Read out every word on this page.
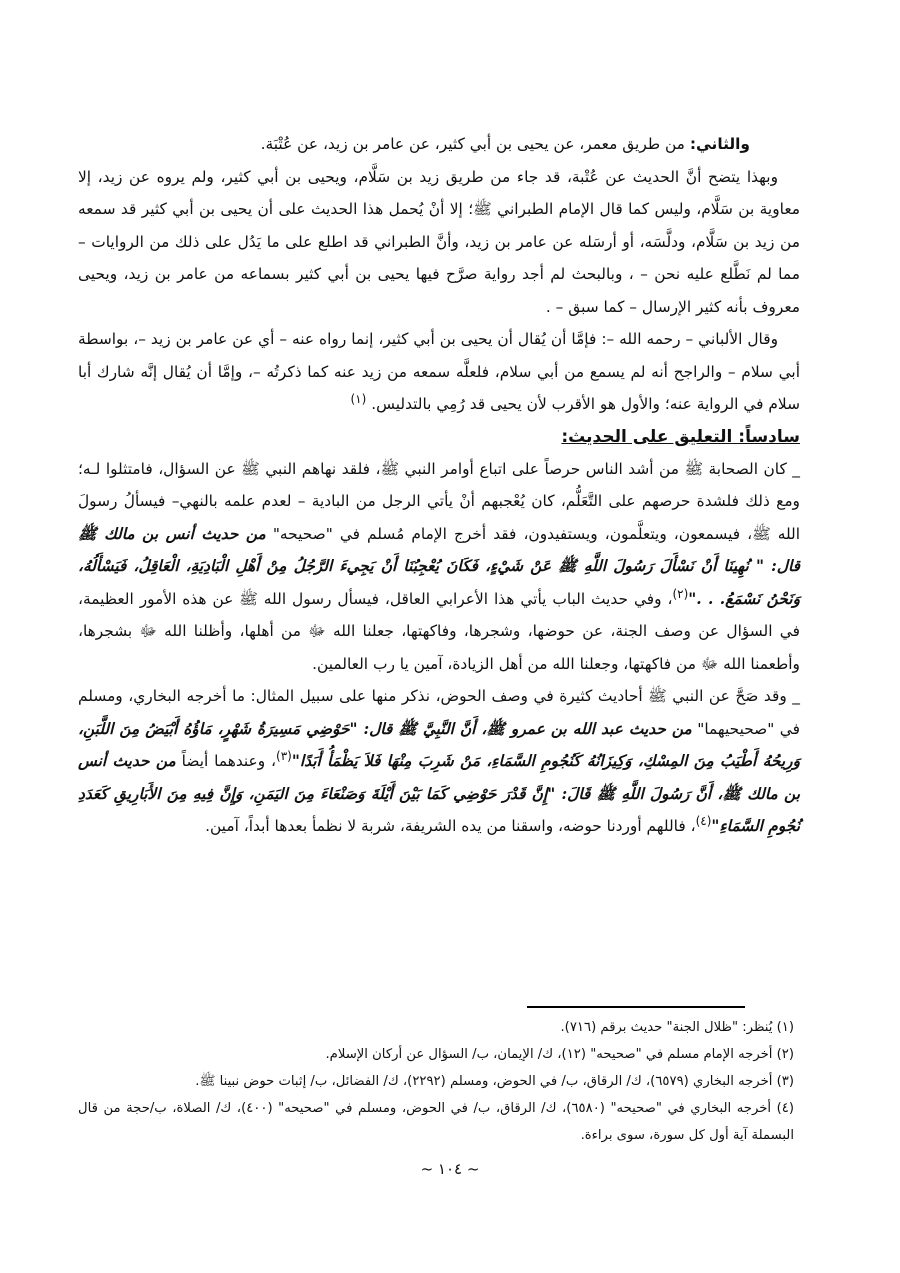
والثاني: من طريق معمر، عن يحيى بن أبي كثير، عن عامر بن زيد، عن عُتْبَة.

وبهذا يتضح أنَّ الحديث عن عُتْبة، قد جاء من طريق زيد بن سَلَّام، ويحيى بن أبي كثير، ولم يروه عن زيد، إلا معاوية بن سَلَّام، وليس كما قال الإمام الطبراني ﷺ؛ إلا أنْ يُحمل هذا الحديث على أن يحيى بن أبي كثير قد سمعه من زيد بن سَلَّام، ودلَّسَه، أو أرسَله عن عامر بن زيد، وأنَّ الطبراني قد اطلع على ما يَدُل على ذلك من الروايات – مما لم نَطَّلع عليه نحن – ، وبالبحث لم أجد رواية صرَّح فيها يحيى بن أبي كثير بسماعه من عامر بن زيد، ويحيى معروف بأنه كثير الإرسال – كما سبق – .

وقال الألباني – رحمه الله –: فإمَّا أن يُقال أن يحيى بن أبي كثير، إنما رواه عنه – أي عن عامر بن زيد –، بواسطة أبي سلام – والراجح أنه لم يسمع من أبي سلام، فلعلَّه سمعه من زيد عنه كما ذكرتُه –، وإمَّا أن يُقال إنَّه شارك أبا سلام في الرواية عنه؛ والأول هو الأقرب لأن يحيى قد رُمِي بالتدليس. $^{(١)}$

سادساً: التعليق على الحديث:

_ كان الصحابة ﷺ من أشد الناس حرصاً على اتباع أوامر النبي ﷺ، فلقد نهاهم النبي ﷺ عن السؤال، فامتثلوا لـه؛ ومع ذلك فلشدة حرصهم على التَّعَلُّم، كان يُعْجبهم أنْ يأتي الرجل من البادية – لعدم علمه بالنهي– فيسألُ رسولَ الله ﷺ، فيسمعون، ويتعلَّمون، ويستفيدون، فقد أخرج الإمام مُسلم في "صحيحه" من حديث أنس بن مالك ﷺ قال: " نُهِينَا أَنْ نَسْأَلَ رَسُولَ اللَّهِ ﷺ عَنْ شَيْءٍ، فَكَانَ يُعْجِبُنَا أَنْ يَجِيءَ الرَّجُلُ مِنْ أَهْلِ الْبَادِيَةِ، الْعَاقِلُ، فَيَسْأَلُهُ، وَنَحْنُ نَسْمَعُ. . ."$^{(٢)}$، وفي حديث الباب يأتي هذا الأعرابي العاقل، فيسأل رسول الله ﷺ عن هذه الأمور العظيمة، في السؤال عن وصف الجنة، عن حوضها، وشجرها، وفاكهتها، جعلنا الله ﷻ من أهلها، وأظلنا الله ﷻ بشجرها، وأطعمنا الله ﷻ من فاكهتها، وجعلنا الله من أهل الزيادة، آمين يا رب العالمين.

_ وقد صَحَّ عن النبي ﷺ أحاديث كثيرة في وصف الحوض، نذكر منها على سبيل المثال: ما أخرجه البخاري، ومسلم في "صحيحيهما" من حديث عبد الله بن عمرو ﷺ، أَنَّ النَّبِيَّ ﷺ قال: "حَوْضِي مَسِيرَةُ شَهْرٍ، مَاؤُهُ أَبْيَضُ مِنَ اللَّبَنِ، وَرِيحُهُ أَطْيَبُ مِنَ المِسْكِ، وَكِيزَانُهُ كَنُجُومِ السَّمَاءِ، مَنْ شَرِبَ مِنْهَا فَلاَ يَظْمَأُ أَبَدًا"$^{(٣)}$، وعندهما أيضاً من حديث أنس بن مالك ﷺ، أَنَّ رَسُولَ اللَّهِ ﷺ قَالَ: "إِنَّ قَدْرَ حَوْضِي كَمَا بَيْنَ أَيْلَةَ وَصَنْعَاءَ مِنَ اليَمَنِ، وَإِنَّ فِيهِ مِنَ الأَبَارِيقِ كَعَدَدِ نُجُومِ السَّمَاءِ"$^{(٤)}$، فاللهم أوردنا حوضه، واسقنا من يده الشريفة، شربة لا نظمأ بعدها أبداً، آمين.

(١) يُنظر: "ظلال الجنة" حديث برقم (٧١٦).

(٢) أخرجه الإمام مسلم في "صحيحه" (١٢)، ك/ الإيمان، ب/ السؤال عن أركان الإسلام.

(٣) أخرجه البخاري (٦٥٧٩)، ك/ الرقاق، ب/ في الحوض، ومسلم (٢٢٩٢)، ك/ الفضائل، ب/ إثبات حوض نبينا ﷺ.

(٤) أخرجه البخاري في "صحيحه" (٦٥٨٠)، ك/ الرقاق، ب/ في الحوض، ومسلم في "صحيحه" (٤٠٠)، ك/ الصلاة، ب/حجة من قال البسملة آية أول كل سورة، سوى براءة.

~ ١٠٤ ~
